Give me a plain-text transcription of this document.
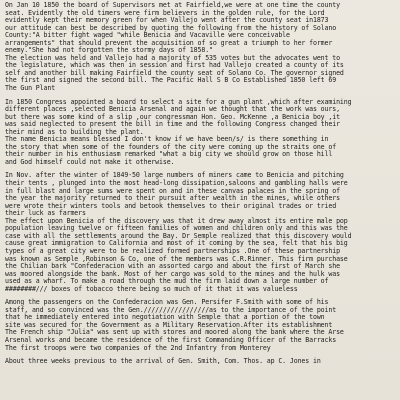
On Jan 10 1850 the board of Supervisors met at Fairfield,we were at one time the county
seat. Evidently the old timers were firm believers in the golden rule, for the Lord
evidently kept their memory green for when Vallejo went after the county seat in1873
our attitude can best be described by quoting the following from the history of Solano
County:"A bitter fight waged "while Benicia and Vacaville were conceivable
arrangements" that should prevent the acquisition of so great a triumph to her former
enemy."She had not forgotten the stormy days of 1858."
The election was held and Vallejo had a majority of 535 votes but the advocates went to
the legislature, which was then in session and first had Vallejo created a county of its
self and another bill making Fairfield the county seat of Solano Co. The governor signed
the first and signed the second bill. The Pacific Hall S B Co Established 1850 left 69
The Gun Plant
In 1850 Congress appointed a board to select a site for a gun plant ,which after examining
different places ,selected Benicia Arsenal and again we thought that the work was ours,
but there was some kind of a slip ,our congressman Hon. Geo. McKenne ,a Benicia boy ,it
was said neglected to present the bill in time and the following Congress changed their
their mind as to building the plant.
The name Benicia means blessed I don't know if we have been/s/ is there something in
the story that when some of the founders of the city were coming up the straits one of
their number in his enthusiasm remarked "what a big city we should grow on those hill
and God himself could not make it otherwise.
In Nov. after the winter of 1849-50 large numbers of miners came to Benicia and pitching
their tents , plunged into the most head-long dissipation,saloons and gambling halls were
in full blast and large sums were spent on and in these canvas palaces in the spring of
the year the majority returned to their pursuit after wealth in the mines, while others
were wrote their winters tools and betook themselves to their original trades or tried
their luck as farmers
The effect upon Benicia of the discovery was that it drew away almost its entire male pop
population leaving twelve or fifteen families of women and children only and this was the
case with all the settlements around the Bay. Dr Semple realized that this discovery would
cause great immigration to California and most of it coming by the sea, felt that his big
types of a great city were to be realized formed partnerships .One of these partnership
was known as Semple ,Robinson & Co, one of the members was C.R.Rinner. This firm purchase
the Chilian bark "Confederacion with an assorted cargo and about the first of March she
was moored alongside the bank. Most of her cargo was sold to the mines and the hulk was
used as a wharf. To make a road through the mud the firm laid down a large number of
########/// boxes of tobacco there being so much of it that it was valueless
Among the passengers on the Confederacion was Gen. Persifer F.Smith with some of his
staff, and so convinced was the Gen./////////////////as to the importance of the point
that he immediately entered into negotiation with Semple that a portion of the town
site was secured for the Government as a Military Reservation.After its establishment
The French ship "Julia" was sent up with stores and moored along the bank where the Arse
Arsenal works and became the residence of the first Commanding Officer of the Barracks
The first troops were two companies of the 2nd Infantry from Monterey
About three weeks previous to the arrival of Gen. Smith, Com. Thos. ap C. Jones in
